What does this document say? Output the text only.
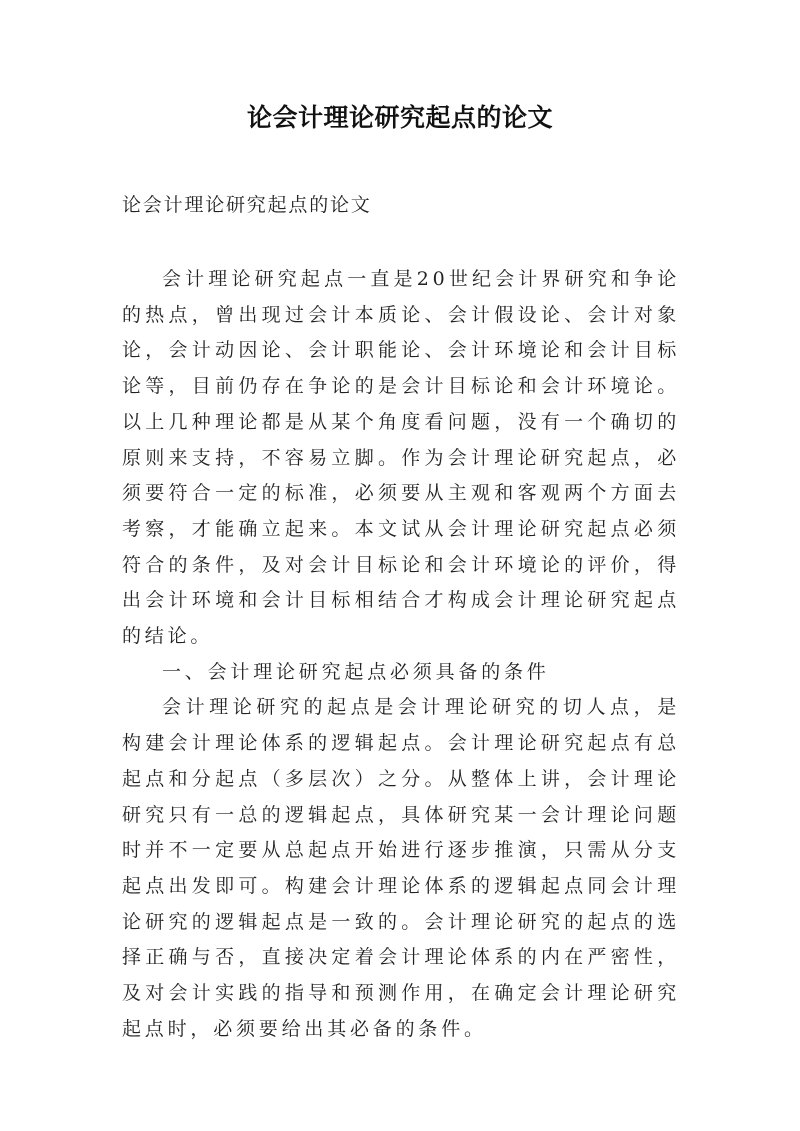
论会计理论研究起点的论文

论会计理论研究起点的论文

会计理论研究起点一直是20世纪会计界研究和争论的热点，曾出现过会计本质论、会计假设论、会计对象论，会计动因论、会计职能论、会计环境论和会计目标论等，目前仍存在争论的是会计目标论和会计环境论。以上几种理论都是从某个角度看问题，没有一个确切的原则来支持，不容易立脚。作为会计理论研究起点，必须要符合一定的标准，必须要从主观和客观两个方面去考察，才能确立起来。本文试从会计理论研究起点必须符合的条件，及对会计目标论和会计环境论的评价，得出会计环境和会计目标相结合才构成会计理论研究起点的结论。

一、会计理论研究起点必须具备的条件

会计理论研究的起点是会计理论研究的切人点，是构建会计理论体系的逻辑起点。会计理论研究起点有总起点和分起点（多层次）之分。从整体上讲，会计理论研究只有一总的逻辑起点，具体研究某一会计理论问题时并不一定要从总起点开始进行逐步推演，只需从分支起点出发即可。构建会计理论体系的逻辑起点同会计理论研究的逻辑起点是一致的。会计理论研究的起点的选择正确与否，直接决定着会计理论体系的内在严密性，及对会计实践的指导和预测作用，在确定会计理论研究起点时，必须要给出其必备的条件。
